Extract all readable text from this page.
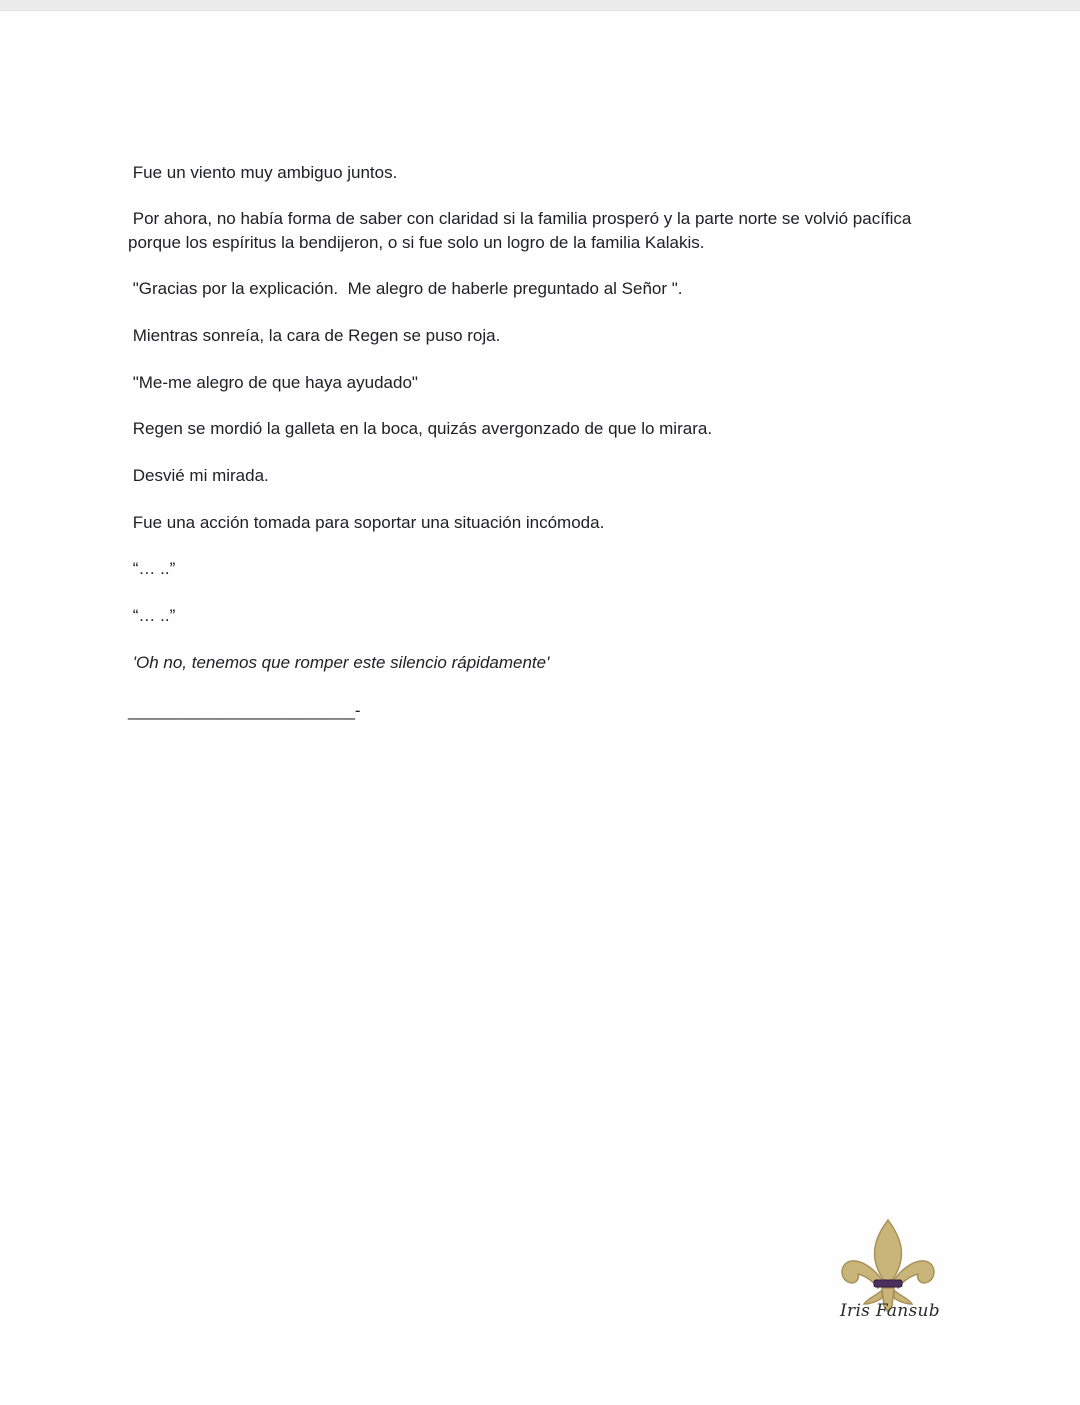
Fue un viento muy ambiguo juntos.

Por ahora, no había forma de saber con claridad si la familia prosperó y la parte norte se volvió pacífica porque los espíritus la bendijeron, o si fue solo un logro de la familia Kalakis.

"Gracias por la explicación.  Me alegro de haberle preguntado al Señor ".

Mientras sonreía, la cara de Regen se puso roja.

"Me-me alegro de que haya ayudado"

Regen se mordió la galleta en la boca, quizás avergonzado de que lo mirara.

Desvié mi mirada.

Fue una acción tomada para soportar una situación incómoda.

“… ..”

“… ..”

'Oh no, tenemos que romper este silencio rápidamente'

________________________-
Iris Fansub
